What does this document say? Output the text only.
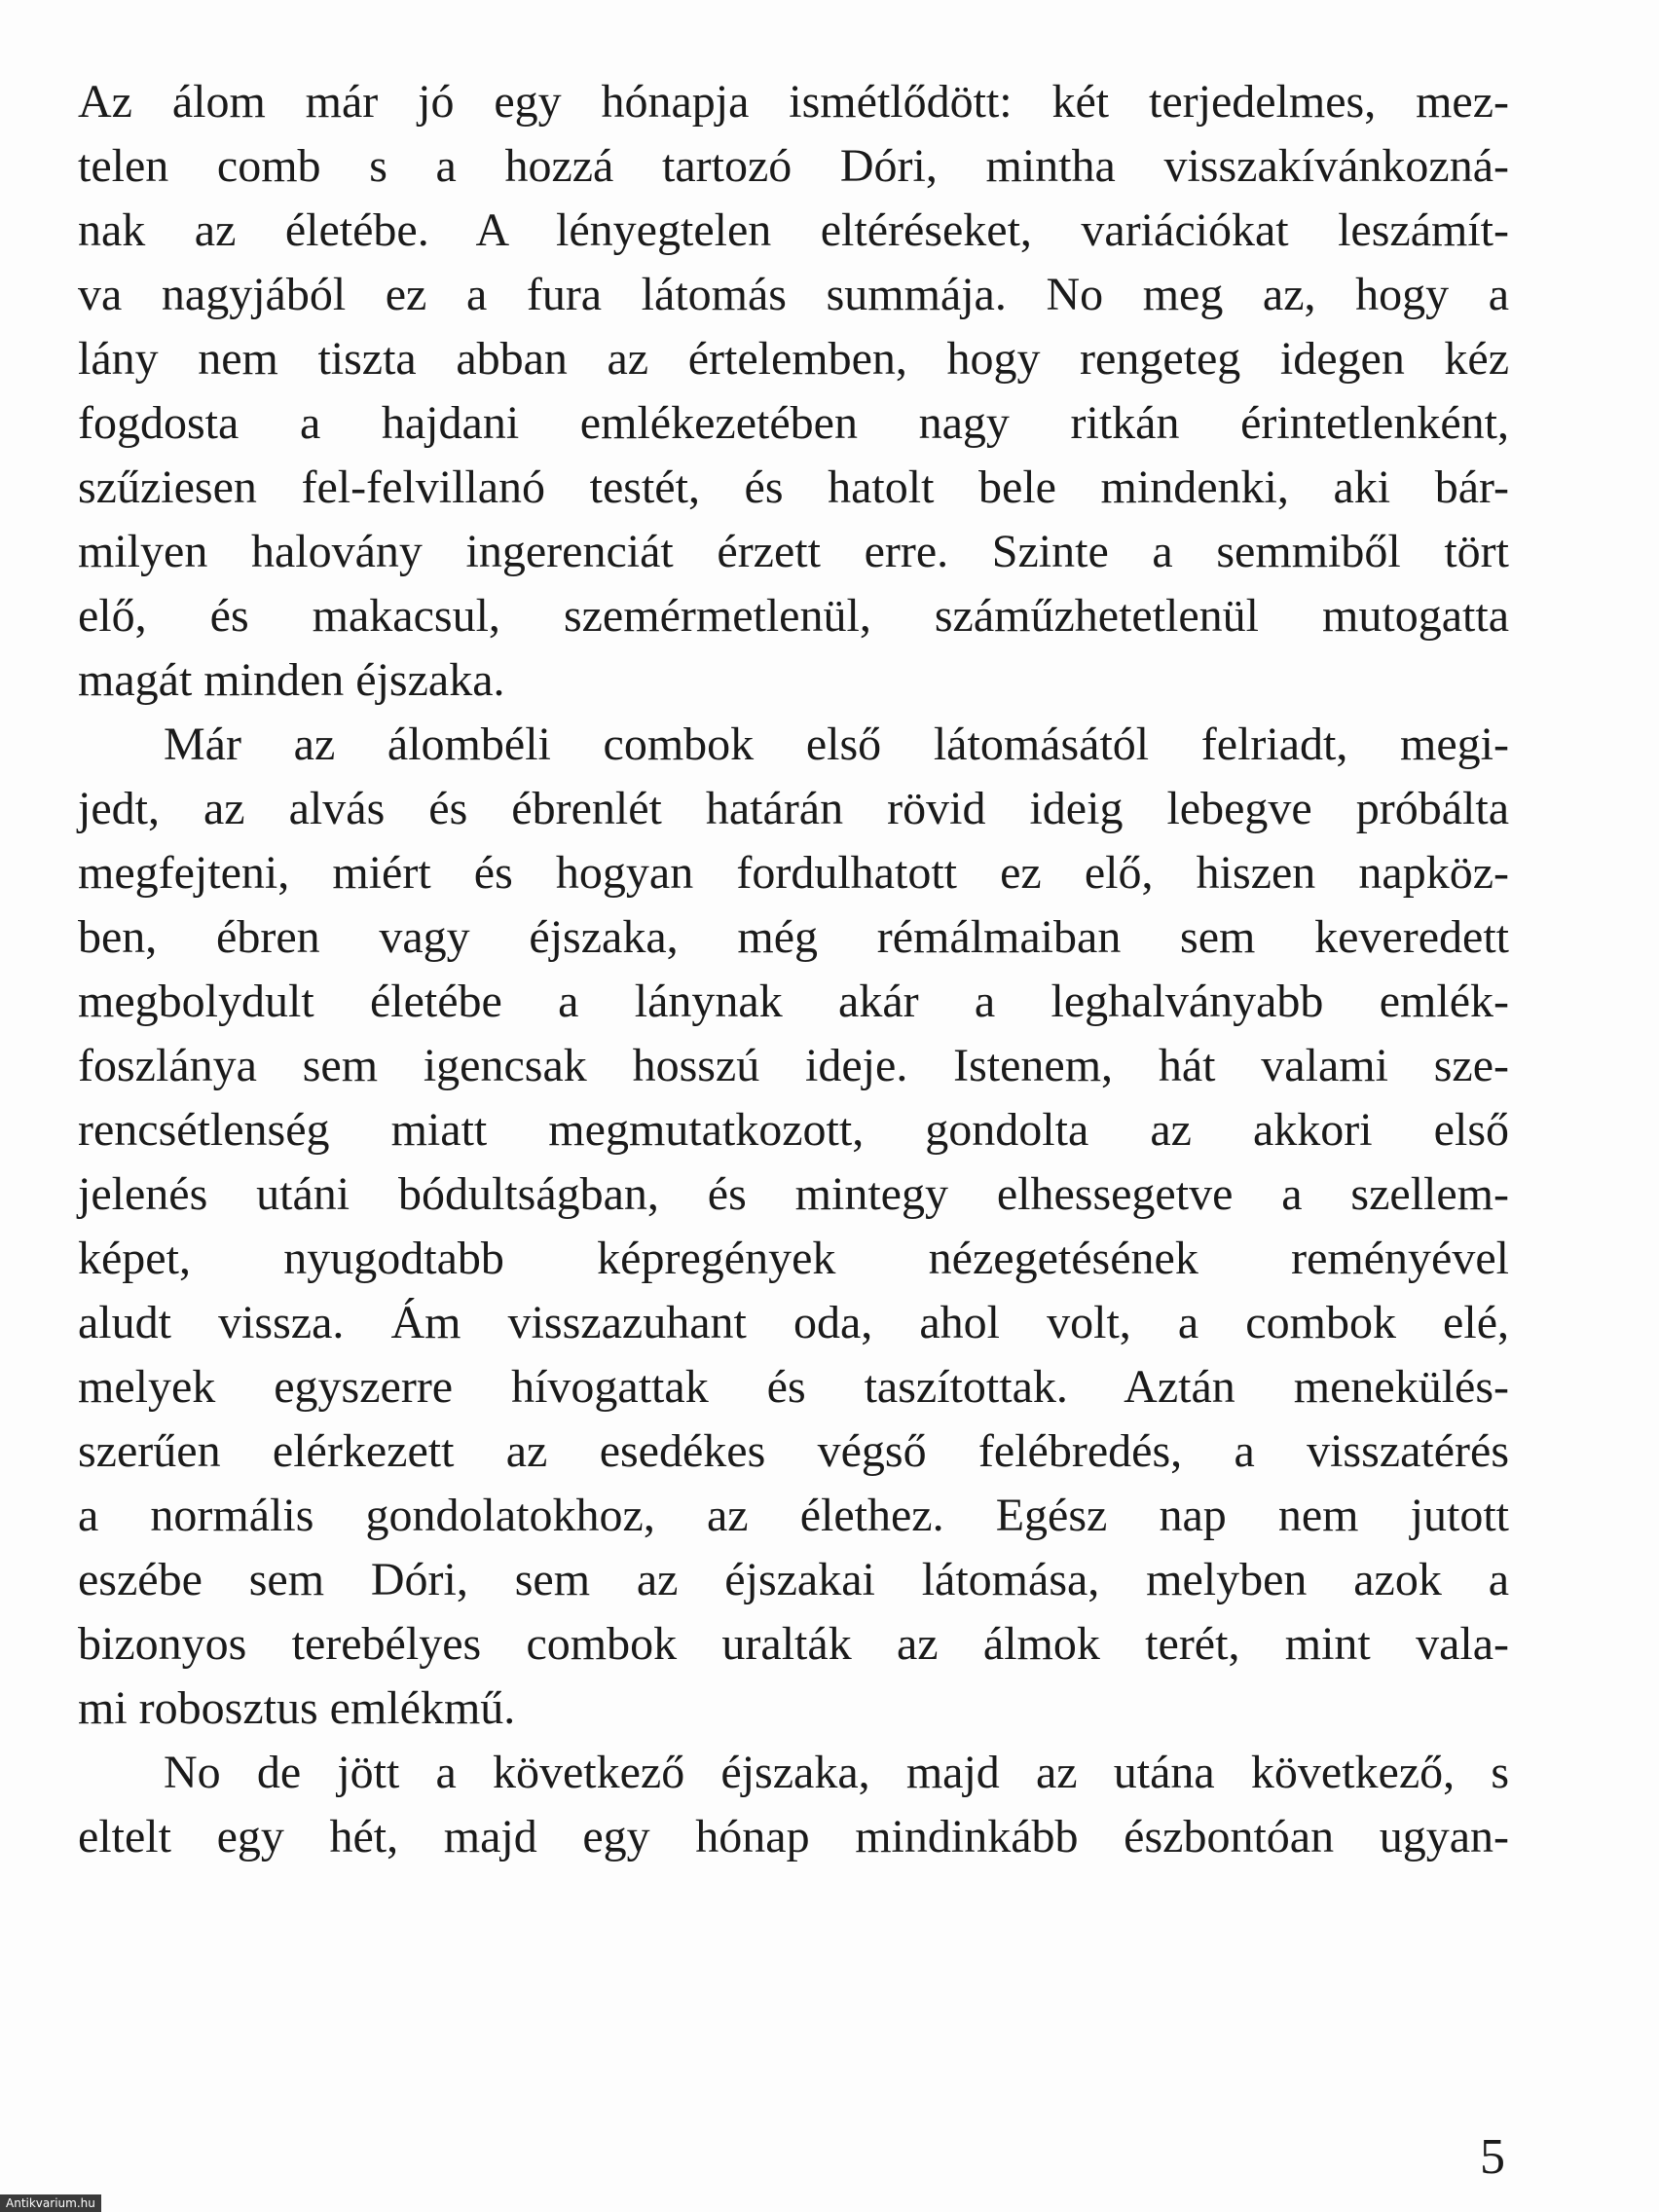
Az álom már jó egy hónapja ismétlődött: két terjedelmes, mez-
telen comb s a hozzá tartozó Dóri, mintha visszakívánkozná-
nak az életébe. A lényegtelen eltéréseket, variációkat leszámít-
va nagyjából ez a fura látomás summája. No meg az, hogy a
lány nem tiszta abban az értelemben, hogy rengeteg idegen kéz
fogdosta a hajdani emlékezetében nagy ritkán érintetlenként,
szűziesen fel-felvillanó testét, és hatolt bele mindenki, aki bár-
milyen halovány ingerenciát érzett erre. Szinte a semmiből tört
elő, és makacsul, szemérmetlenül, száműzhetetlenül mutogatta
magát minden éjszaka.
Már az álombéli combok első látomásától felriadt, megi-
jedt, az alvás és ébrenlét határán rövid ideig lebegve próbálta
megfejteni, miért és hogyan fordulhatott ez elő, hiszen napköz-
ben, ébren vagy éjszaka, még rémálmaiban sem keveredett
megbolydult életébe a lánynak akár a leghalványabb emlék-
foszlánya sem igencsak hosszú ideje. Istenem, hát valami sze-
rencsétlenség miatt megmutatkozott, gondolta az akkori első
jelenés utáni bódultságban, és mintegy elhessegetve a szellem-
képet, nyugodtabb képregények nézegetésének reményével
aludt vissza. Ám visszazuhant oda, ahol volt, a combok elé,
melyek egyszerre hívogattak és taszítottak. Aztán menekülés-
szerűen elérkezett az esedékes végső felébredés, a visszatérés
a normális gondolatokhoz, az élethez. Egész nap nem jutott
eszébe sem Dóri, sem az éjszakai látomása, melyben azok a
bizonyos terebélyes combok uralták az álmok terét, mint vala-
mi robosztus emlékmű.
No de jött a következő éjszaka, majd az utána következő, s
eltelt egy hét, majd egy hónap mindinkább észbontóan ugyan-
5
Antikvarium.hu
